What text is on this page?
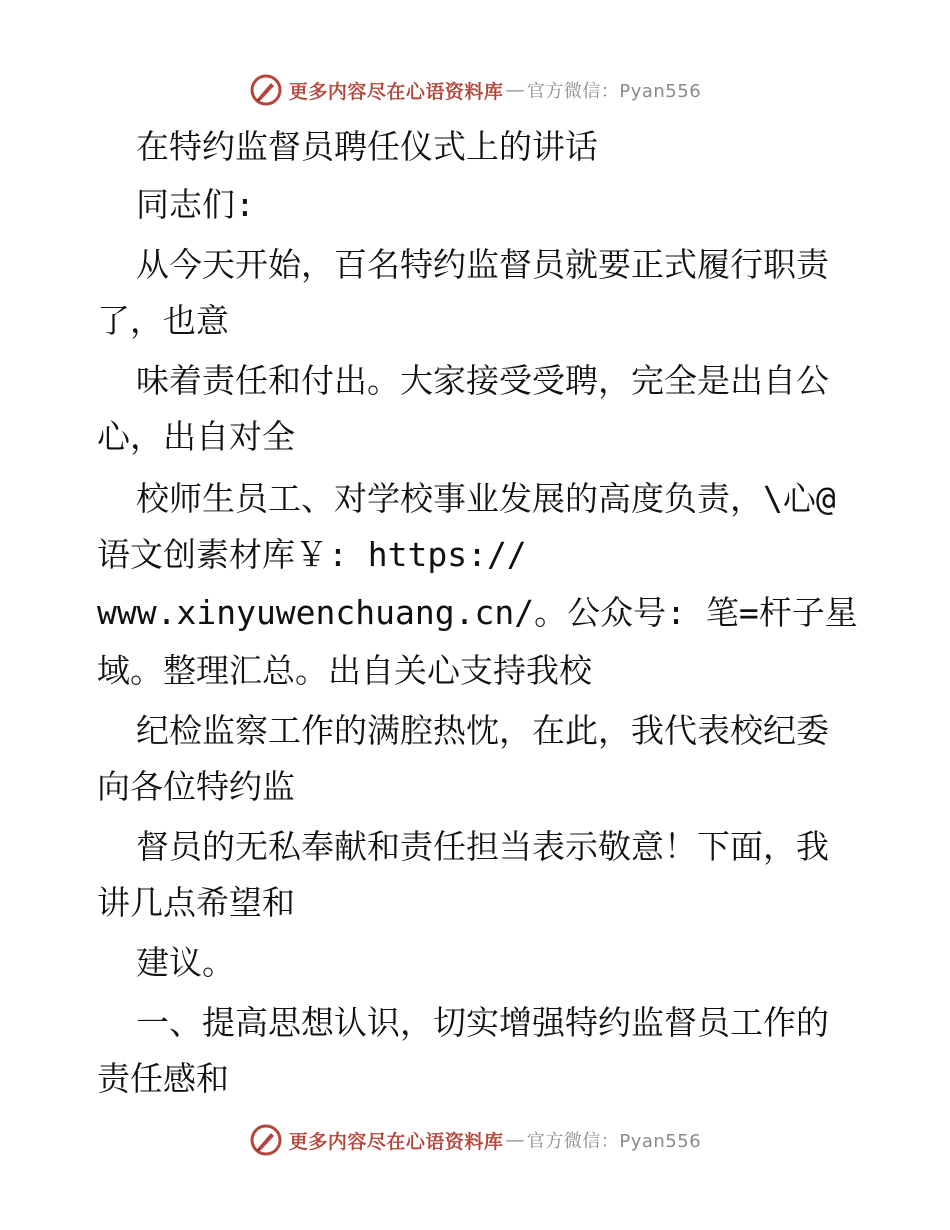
更多内容尽在心语资料库 — 官方微信：Pyan556
在特约监督员聘任仪式上的讲话
同志们:
从今天开始，百名特约监督员就要正式履行职责
了，也意
味着责任和付出。大家接受受聘，完全是出自公
心，出自对全
校师生员工、对学校事业发展的高度负责，\心@
语文创素材库￥: https://
www.xinyuwenchuang.cn/。公众号: 笔=杆子星
域。整理汇总。出自关心支持我校
纪检监察工作的满腔热忱，在此，我代表校纪委
向各位特约监
督员的无私奉献和责任担当表示敬意！下面，我
讲几点希望和
建议。
一、提高思想认识，切实增强特约监督员工作的
责任感和
更多内容尽在心语资料库 — 官方微信：Pyan556
